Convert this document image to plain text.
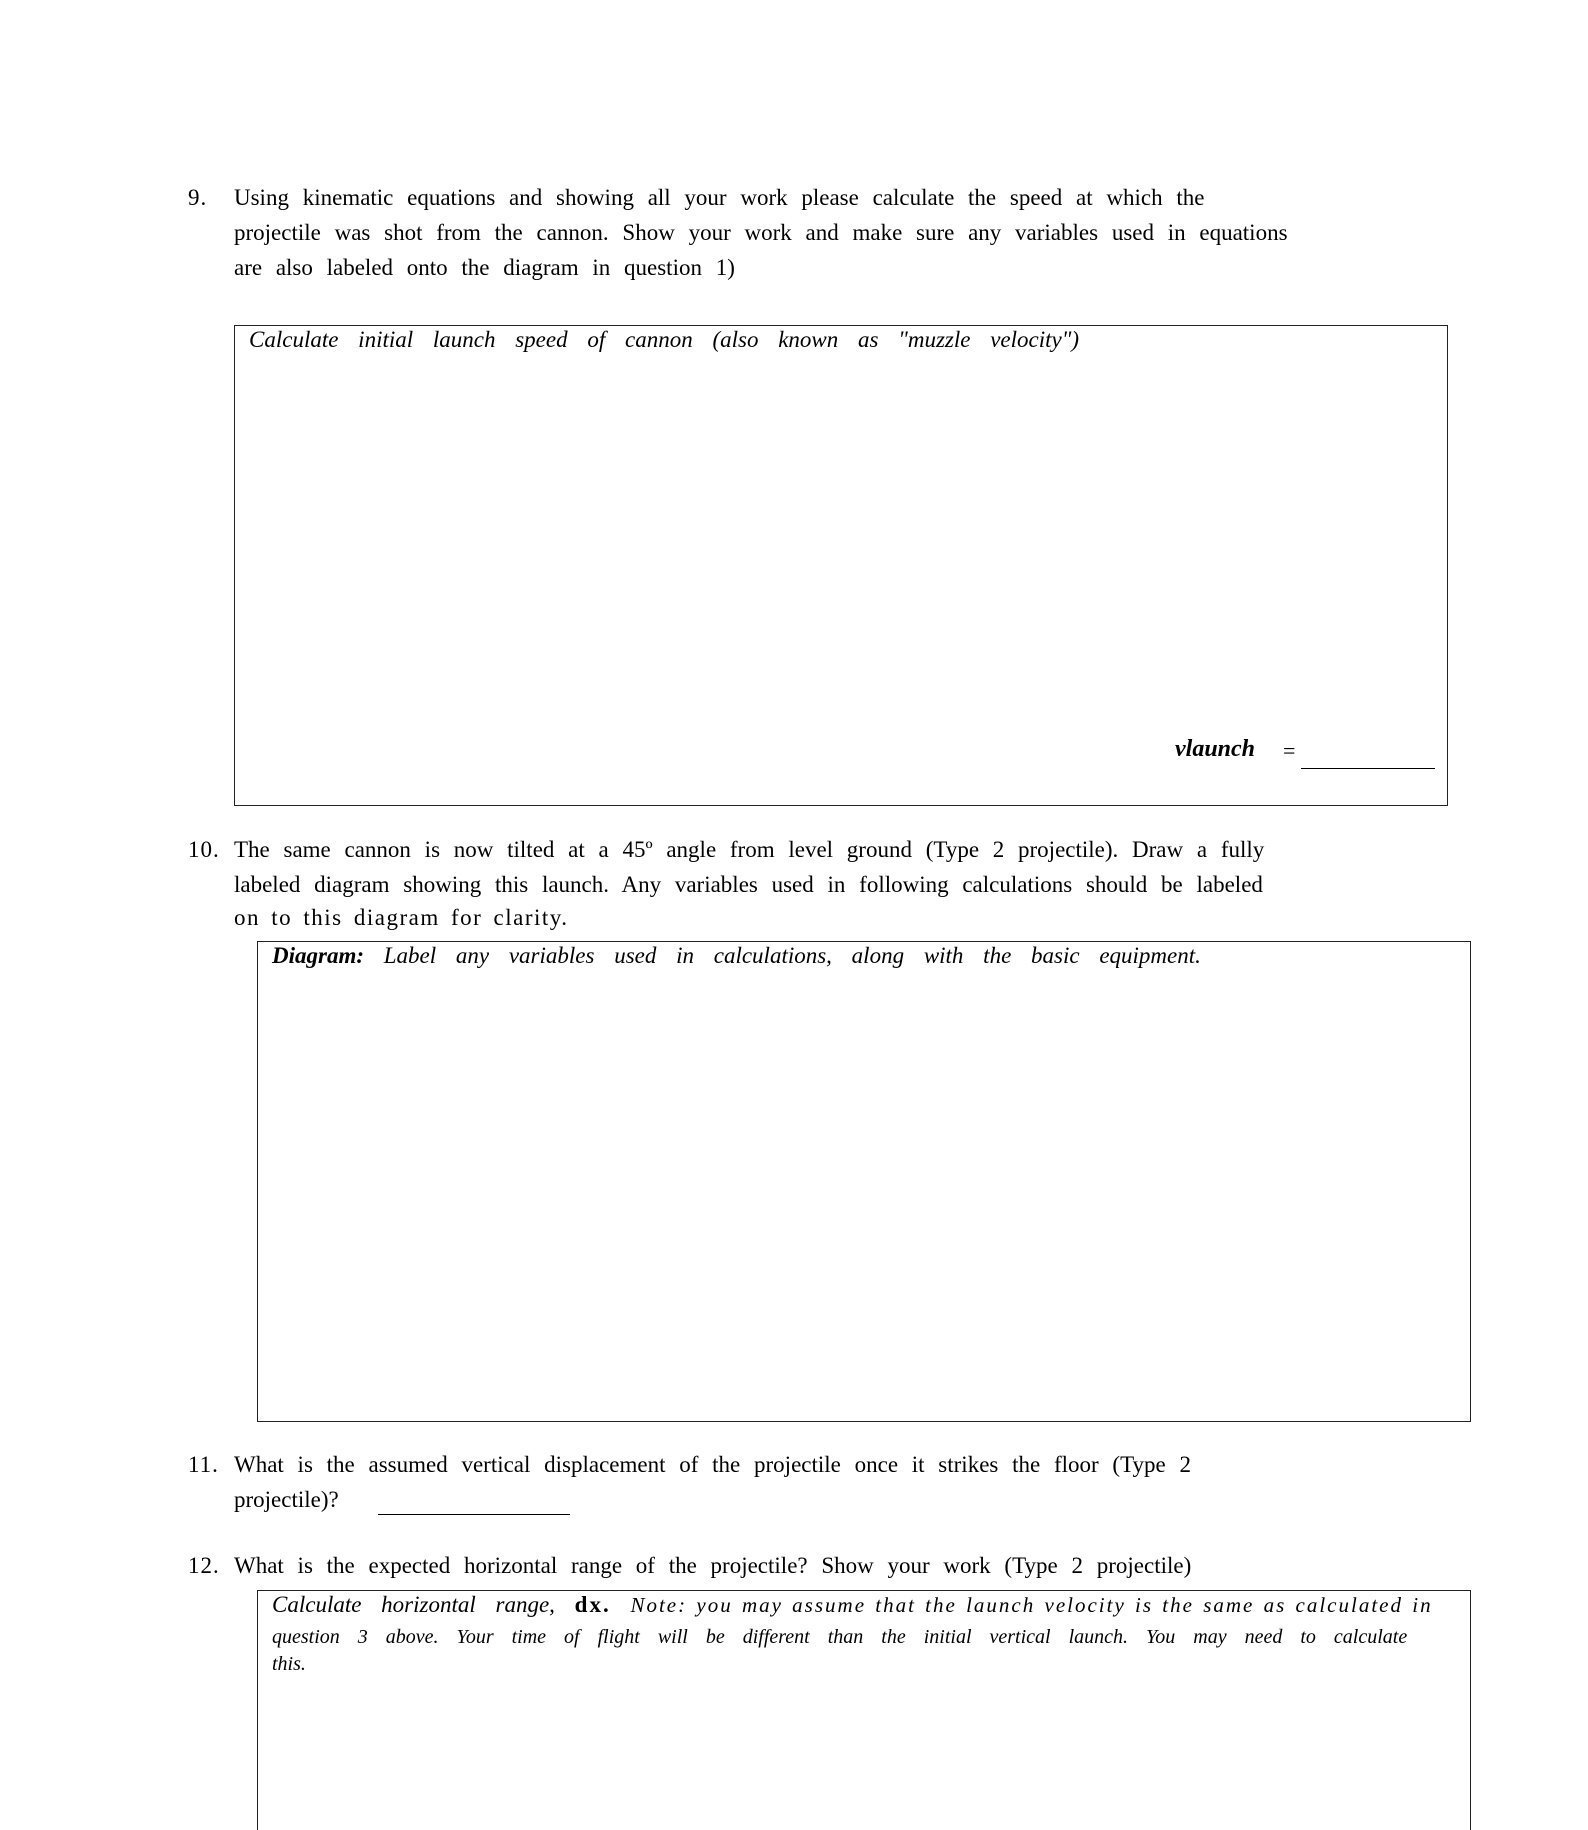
9. Using kinematic equations and showing all your work please calculate the speed at which the
projectile was shot from the cannon. Show your work and make sure any variables used in equations
are also labeled onto the diagram in question 1)
Calculate initial launch speed of cannon (also known as "muzzle velocity")
vlaunch =
10. The same cannon is now tilted at a 45º angle from level ground (Type 2 projectile). Draw a fully
labeled diagram showing this launch. Any variables used in following calculations should be labeled
on to this diagram for clarity.
Diagram: Label any variables used in calculations, along with the basic equipment.
11. What is the assumed vertical displacement of the projectile once it strikes the floor (Type 2
projectile)?
12. What is the expected horizontal range of the projectile? Show your work (Type 2 projectile)
Calculate horizontal range, dx. Note: you may assume that the launch velocity is the same as calculated in
question 3 above. Your time of flight will be different than the initial vertical launch. You may need to calculate
this.
